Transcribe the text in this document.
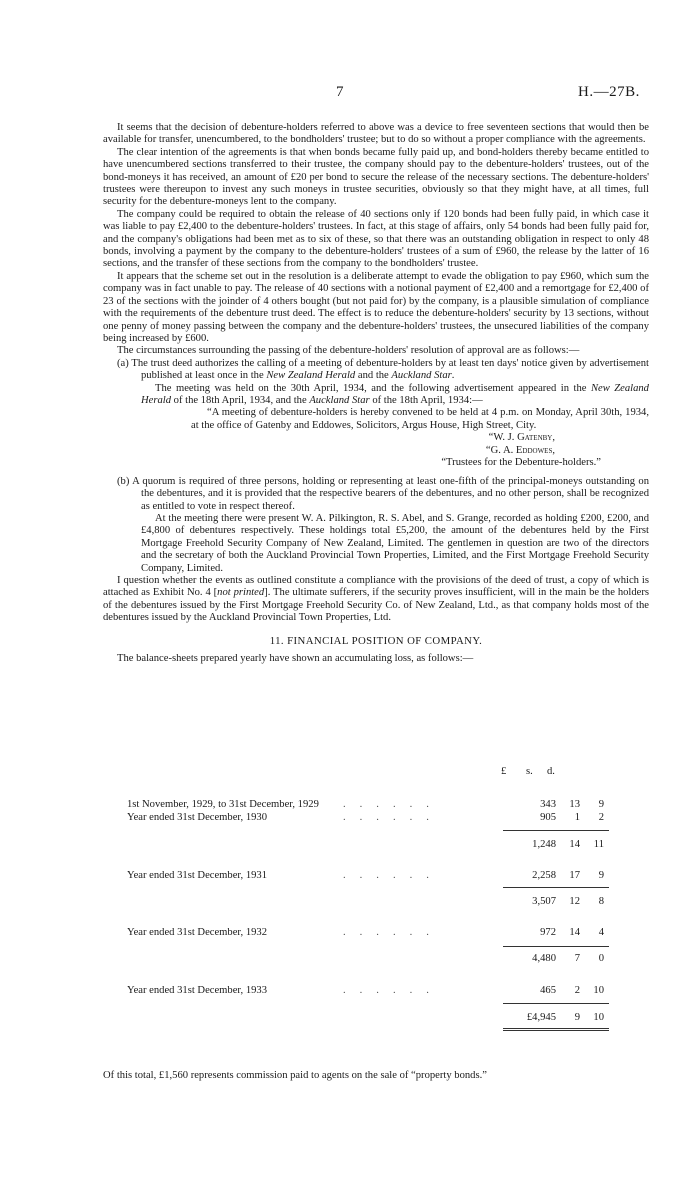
7	H.—27B.

It seems that the decision of debenture-holders referred to above was a device to free seventeen sections that would then be available for transfer, unencumbered, to the bondholders' trustee; but to do so without a proper compliance with the agreements.

The clear intention of the agreements is that when bonds became fully paid up, and bond-holders thereby became entitled to have unencumbered sections transferred to their trustee, the company should pay to the debenture-holders' trustees, out of the bond-moneys it has received, an amount of £20 per bond to secure the release of the necessary sections. The debenture-holders' trustees were thereupon to invest any such moneys in trustee securities, obviously so that they might have, at all times, full security for the debenture-moneys lent to the company.

The company could be required to obtain the release of 40 sections only if 120 bonds had been fully paid, in which case it was liable to pay £2,400 to the debenture-holders' trustees. In fact, at this stage of affairs, only 54 bonds had been fully paid for, and the company's obligations had been met as to six of these, so that there was an outstanding obligation in respect to only 48 bonds, involving a payment by the company to the debenture-holders' trustees of a sum of £960, the release by the latter of 16 sections, and the transfer of these sections from the company to the bondholders' trustee.

It appears that the scheme set out in the resolution is a deliberate attempt to evade the obligation to pay £960, which sum the company was in fact unable to pay. The release of 40 sections with a notional payment of £2,400 and a remortgage for £2,400 of 23 of the sections with the joinder of 4 others bought (but not paid for) by the company, is a plausible simulation of compliance with the requirements of the debenture trust deed. The effect is to reduce the debenture-holders' security by 13 sections, without one penny of money passing between the company and the debenture-holders' trustees, the unsecured liabilities of the company being increased by £600.

The circumstances surrounding the passing of the debenture-holders' resolution of approval are as follows:—

(a) The trust deed authorizes the calling of a meeting of debenture-holders by at least ten days' notice given by advertisement published at least once in the New Zealand Herald and the Auckland Star.
The meeting was held on the 30th April, 1934, and the following advertisement appeared in the New Zealand Herald of the 18th April, 1934, and the Auckland Star of the 18th April, 1934:—
“A meeting of debenture-holders is hereby convened to be held at 4 p.m. on Monday, April 30th, 1934, at the office of Gatenby and Eddowes, Solicitors, Argus House, High Street, City.
“W. J. Gatenby,
“G. A. Eddowes,
“Trustees for the Debenture-holders.”
(b) A quorum is required of three persons, holding or representing at least one-fifth of the principal-moneys outstanding on the debentures, and it is provided that the respective bearers of the debentures, and no other person, shall be recognized as entitled to vote in respect thereof.
At the meeting there were present W. A. Pilkington, R. S. Abel, and S. Grange, recorded as holding £200, £200, and £4,800 of debentures respectively. These holdings total £5,200, the amount of the debentures held by the First Mortgage Freehold Security Company of New Zealand, Limited. The gentlemen in question are two of the directors and the secretary of both the Auckland Provincial Town Properties, Limited, and the First Mortgage Freehold Security Company, Limited.

I question whether the events as outlined constitute a compliance with the provisions of the deed of trust, a copy of which is attached as Exhibit No. 4 [not printed]. The ultimate sufferers, if the security proves insufficient, will in the main be the holders of the debentures issued by the First Mortgage Freehold Security Co. of New Zealand, Ltd., as that company holds most of the debentures issued by the Auckland Provincial Town Properties, Ltd.

11. FINANCIAL POSITION OF COMPANY.

The balance-sheets prepared yearly have shown an accumulating loss, as follows:—

£ s. d.
1st November, 1929, to 31st December, 1929 ......	343	13	9
Year ended 31st December, 1930	......	905	1	2
1,248	14	11
Year ended 31st December, 1931	......	2,258	17	9
3,507	12	8
Year ended 31st December, 1932	......	972	14	4
4,480	7	0
Year ended 31st December, 1933	......	465	2	10
£4,945	9	10
Of this total, £1,560 represents commission paid to agents on the sale of “property bonds.”
